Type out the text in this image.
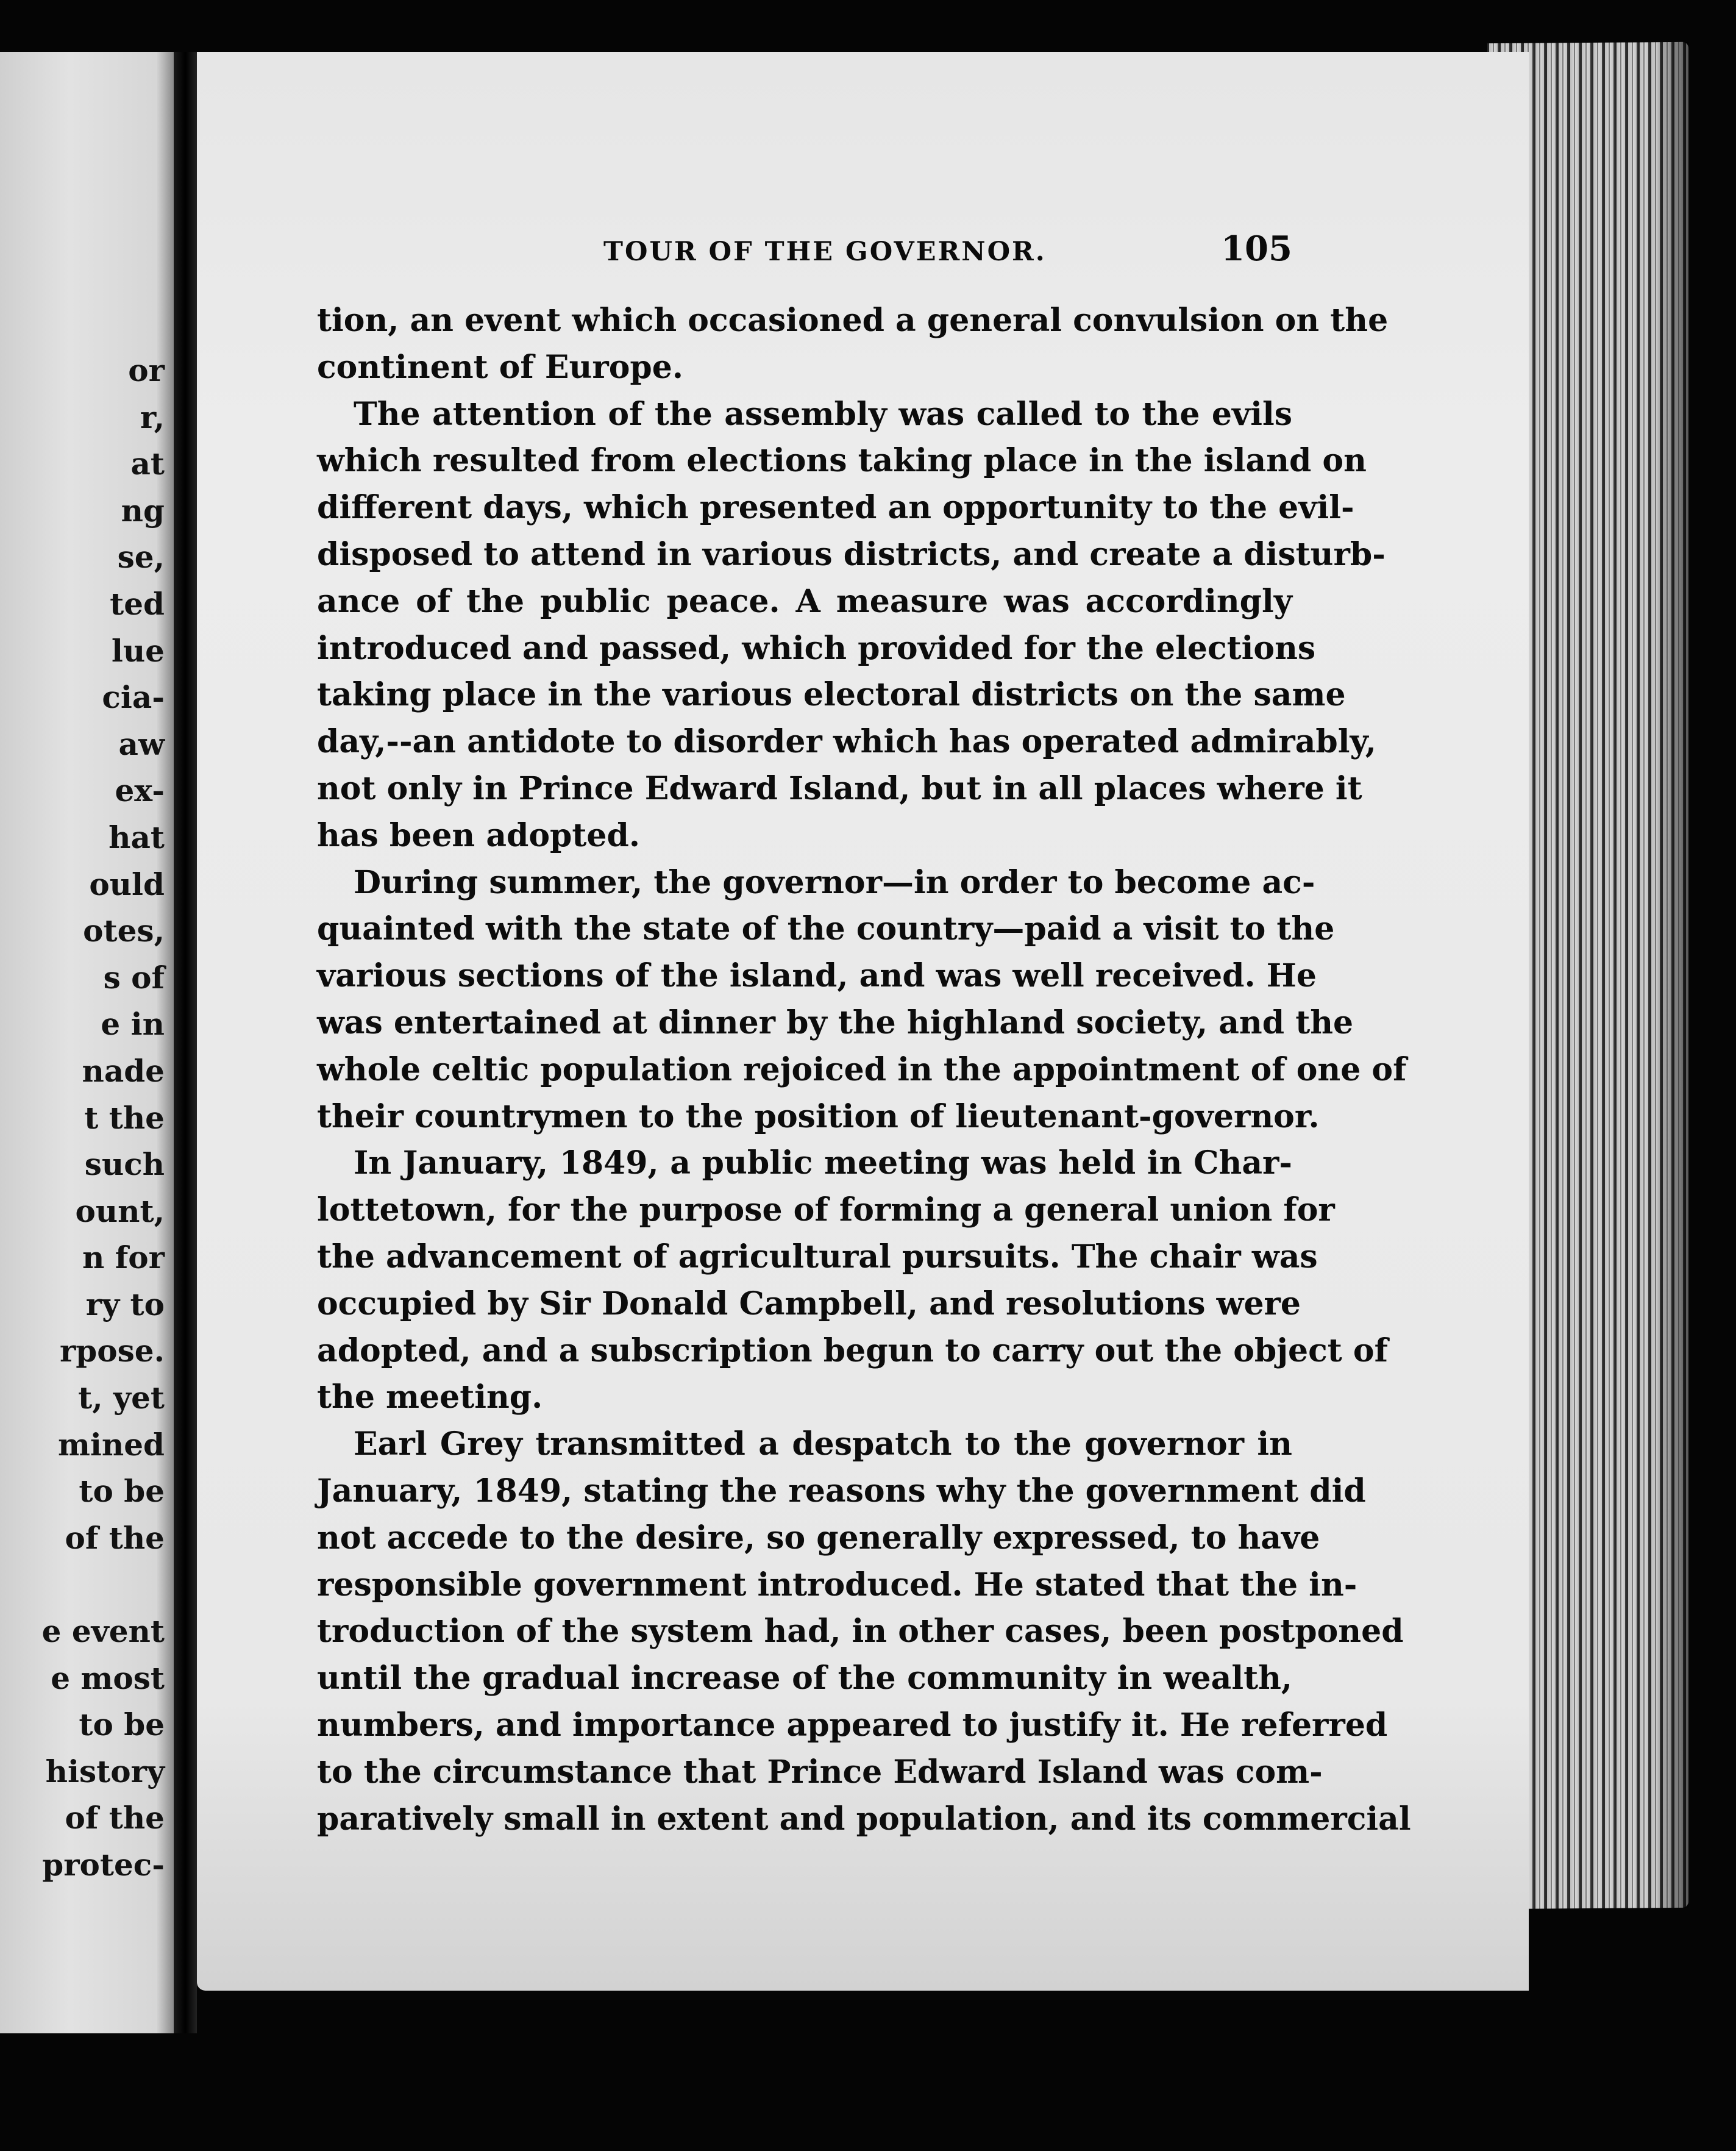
or
r,
at
ng
se,
ted
lue
cia-
aw
ex-
hat
ould
otes,
s of
e in
nade
t the
such
ount,
n for
ry to
rpose.
t, yet
mined
to be
of the
e event
e most
to be
history
of the
protec-
TOUR OF THE GOVERNOR.	105
tion, an event which occasioned a general convulsion on the
continent of Europe.
The attention of the assembly was called to the evils
which resulted from elections taking place in the island on
different days, which presented an opportunity to the evil-
disposed to attend in various districts, and create a disturb-
ance of the public peace. A measure was accordingly
introduced and passed, which provided for the elections
taking place in the various electoral districts on the same
day,--an antidote to disorder which has operated admirably,
not only in Prince Edward Island, but in all places where it
has been adopted.
During summer, the governor—in order to become ac-
quainted with the state of the country—paid a visit to the
various sections of the island, and was well received. He
was entertained at dinner by the highland society, and the
whole celtic population rejoiced in the appointment of one of
their countrymen to the position of lieutenant-governor.
In January, 1849, a public meeting was held in Char-
lottetown, for the purpose of forming a general union for
the advancement of agricultural pursuits. The chair was
occupied by Sir Donald Campbell, and resolutions were
adopted, and a subscription begun to carry out the object of
the meeting.
Earl Grey transmitted a despatch to the governor in
January, 1849, stating the reasons why the government did
not accede to the desire, so generally expressed, to have
responsible government introduced. He stated that the in-
troduction of the system had, in other cases, been postponed
until the gradual increase of the community in wealth,
numbers, and importance appeared to justify it. He referred
to the circumstance that Prince Edward Island was com-
paratively small in extent and population, and its commercial
